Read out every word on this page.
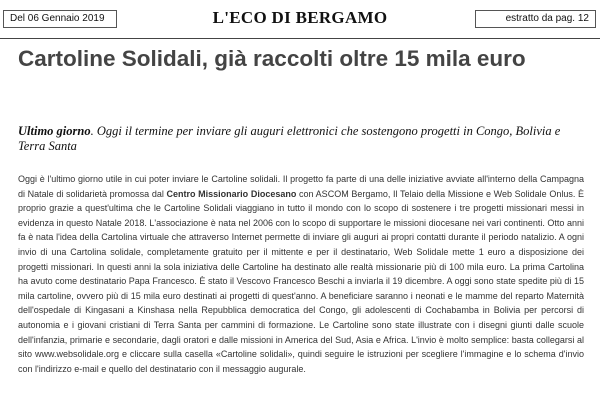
Del 06 Gennaio 2019	L'ECO DI BERGAMO	estratto da pag. 12
Cartoline Solidali, già raccolti oltre 15 mila euro
Ultimo giorno. Oggi il termine per inviare gli auguri elettronici che sostengono progetti in Congo, Bolivia e Terra Santa

Oggi è l'ultimo giorno utile in cui poter inviare le Cartoline solidali. Il progetto fa parte di una delle iniziative avviate all'interno della Campagna di Natale di solidarietà promossa dal Centro Missionario Diocesano con ASCOM Bergamo, Il Telaio della Missione e Web Solidale Onlus. È proprio grazie a quest'ultima che le Cartoline Solidali viaggiano in tutto il mondo con lo scopo di sostenere i tre progetti missionari messi in evidenza in questo Natale 2018. L'associazione è nata nel 2006 con lo scopo di supportare le missioni diocesane nei vari continenti. Otto anni fa è nata l'idea della Cartolina virtuale che attraverso Internet permette di inviare gli auguri ai propri contatti durante il periodo natalizio. A ogni invio di una Cartolina solidale, completamente gratuito per il mittente e per il destinatario, Web Solidale mette 1 euro a disposizione dei progetti missionari. In questi anni la sola iniziativa delle Cartoline ha destinato alle realtà missionarie più di 100 mila euro. La prima Cartolina ha avuto come destinatario Papa Francesco. È stato il Vescovo Francesco Beschi a inviarla il 19 dicembre. A oggi sono state spedite più di 15 mila cartoline, ovvero più di 15 mila euro destinati ai progetti di quest'anno. A beneficiare saranno i neonati e le mamme del reparto Maternità dell'ospedale di Kingasani a Kinshasa nella Repubblica democratica del Congo, gli adolescenti di Cochabamba in Bolivia per percorsi di autonomia e i giovani cristiani di Terra Santa per cammini di formazione. Le Cartoline sono state illustrate con i disegni giunti dalle scuole dell'infanzia, primarie e secondarie, dagli oratori e dalle missioni in America del Sud, Asia e Africa. L'invio è molto semplice: basta collegarsi al sito www.websolidale.org e cliccare sulla casella «Cartoline solidali», quindi seguire le istruzioni per scegliere l'immagine e lo schema d'invio con l'indirizzo e-mail e quello del destinatario con il messaggio augurale.
